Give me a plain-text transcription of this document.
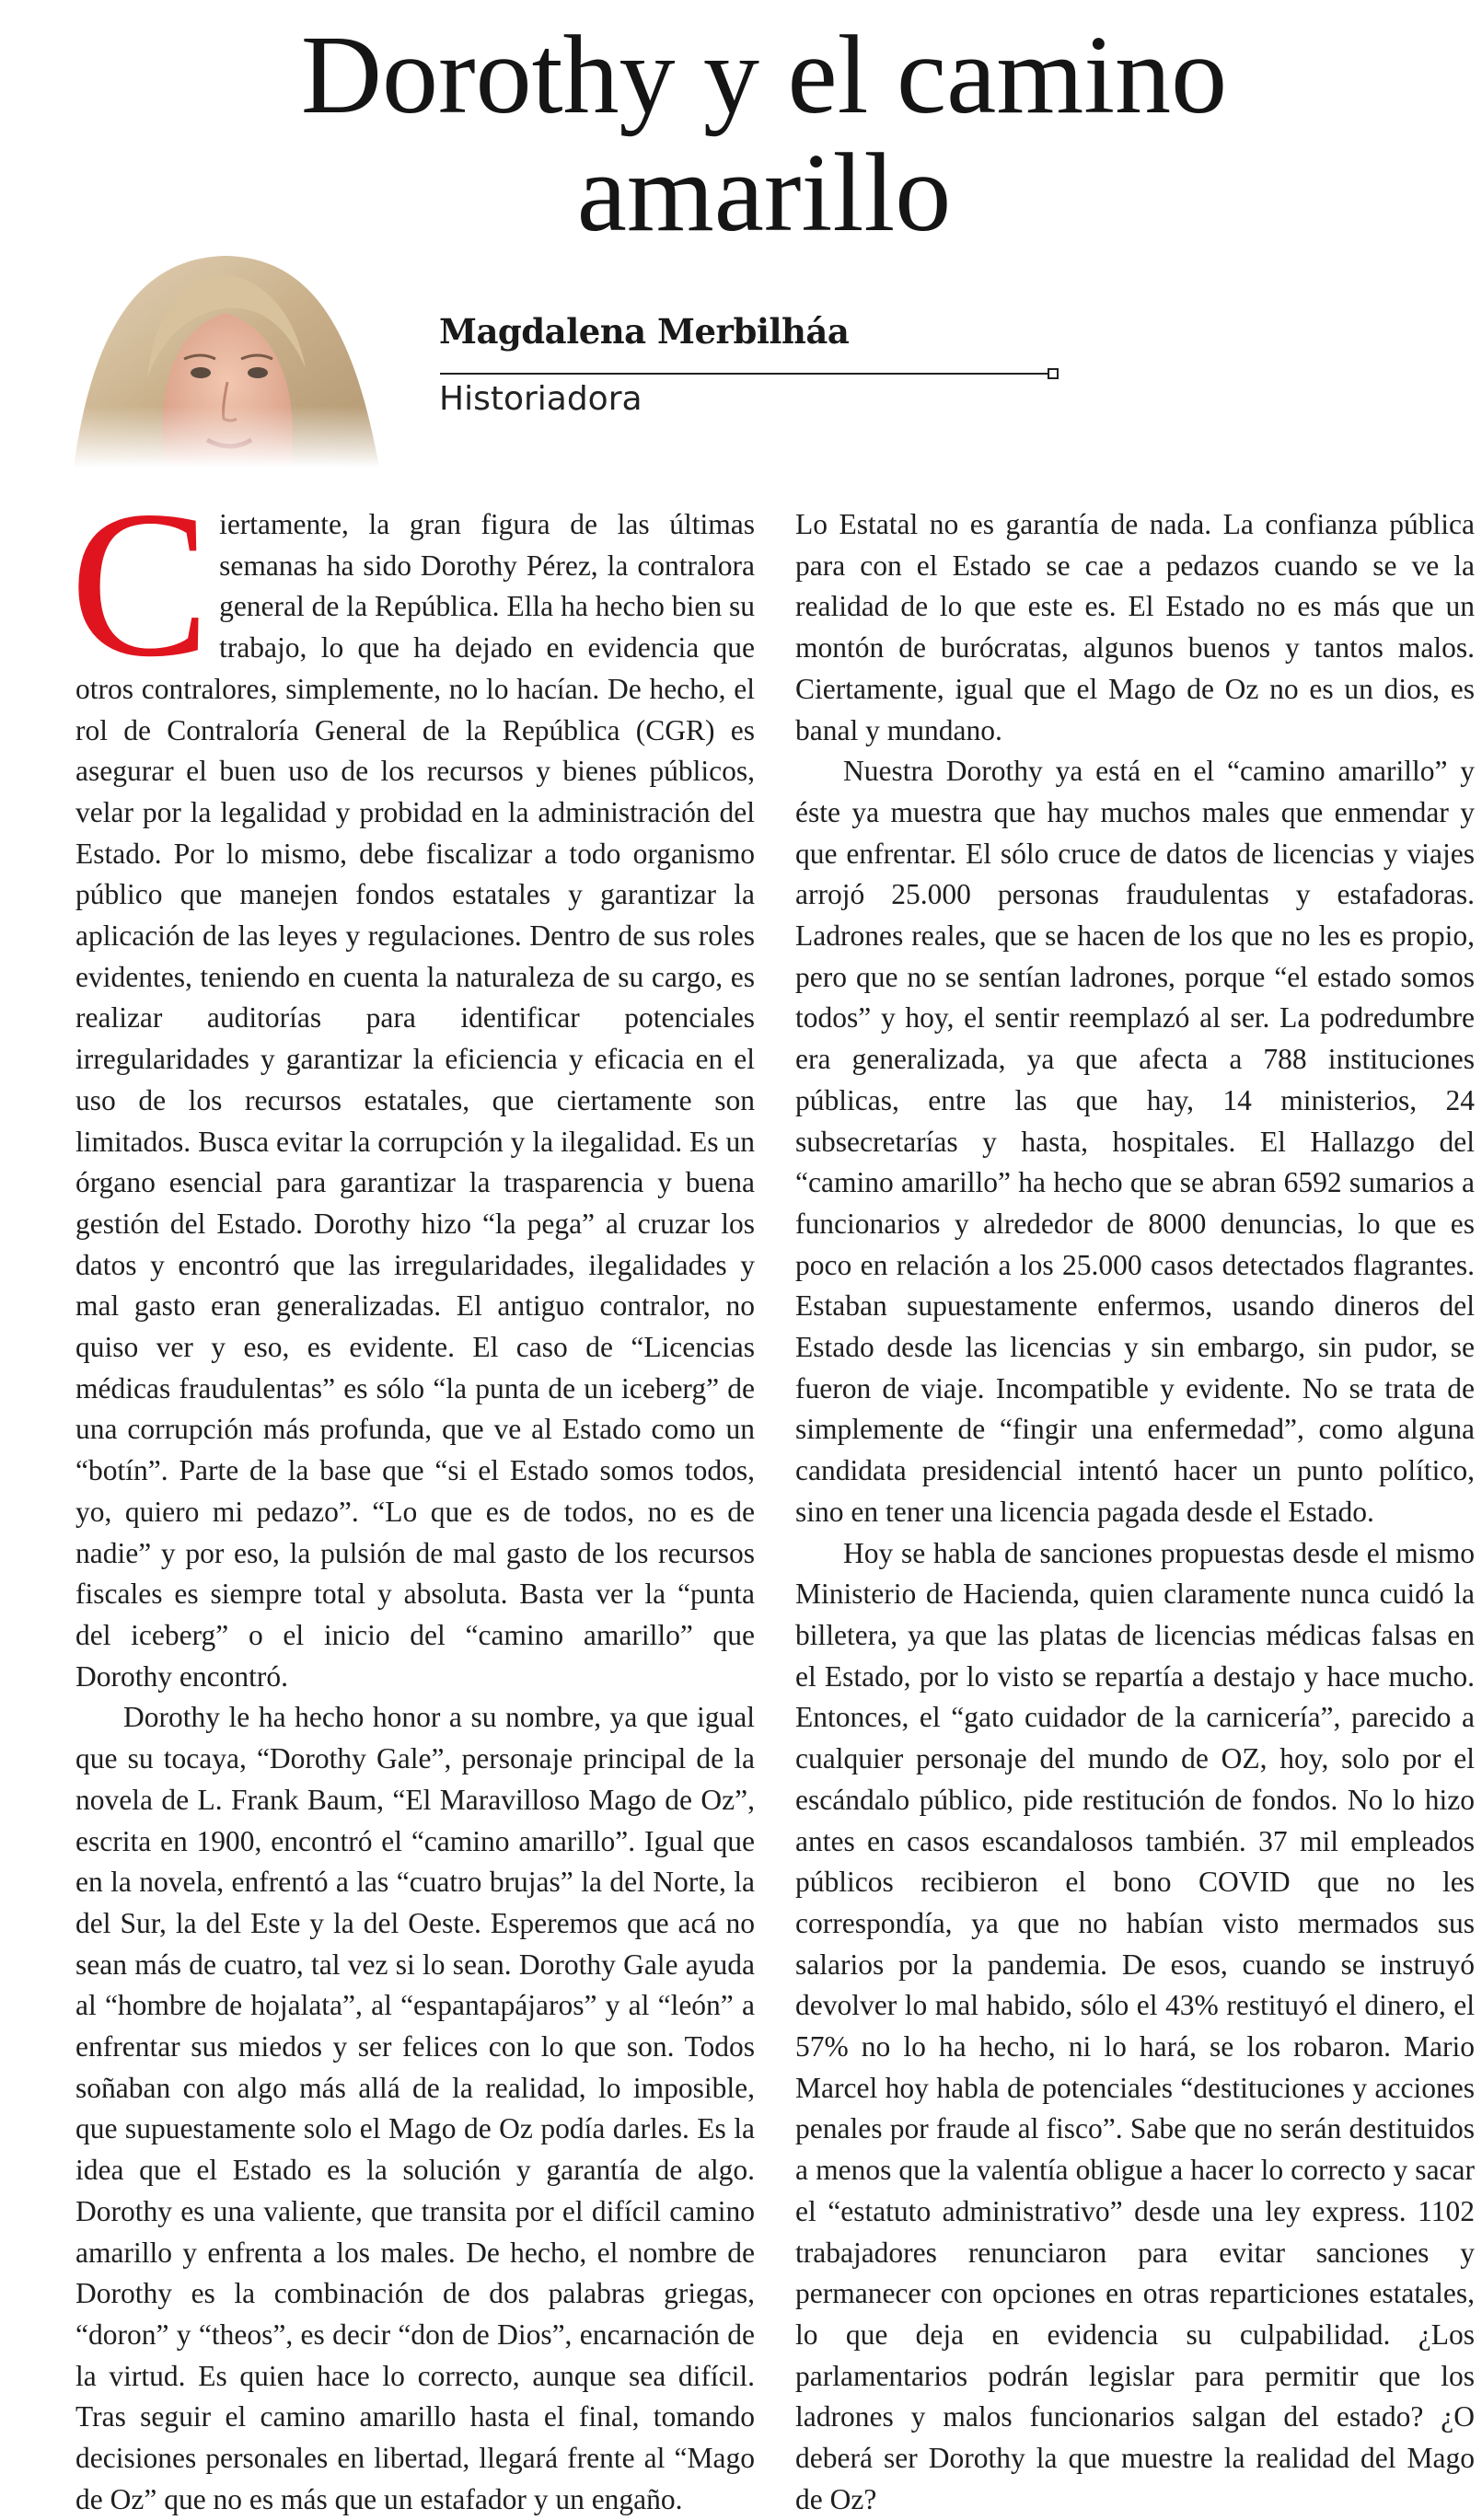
Dorothy y el camino amarillo
Magdalena Merbilháa
Historiadora

Ciertamente, la gran figura de las últimas semanas ha sido Dorothy Pérez, la contralora general de la República. Ella ha hecho bien su trabajo, lo que ha dejado en evidencia que otros contralores, simplemente, no lo hacían. De hecho, el rol de Contraloría General de la República (CGR) es asegurar el buen uso de los recursos y bienes públicos, velar por la legalidad y probidad en la administración del Estado. Por lo mismo, debe fiscalizar a todo organismo público que manejen fondos estatales y garantizar la aplicación de las leyes y regulaciones. Dentro de sus roles evidentes, teniendo en cuenta la naturaleza de su cargo, es realizar auditorías para identificar potenciales irregularidades y garantizar la eficiencia y eficacia en el uso de los recursos estatales, que ciertamente son limitados. Busca evitar la corrupción y la ilegalidad. Es un órgano esencial para garantizar la trasparencia y buena gestión del Estado. Dorothy hizo “la pega” al cruzar los datos y encontró que las irregularidades, ilegalidades y mal gasto eran generalizadas. El antiguo contralor, no quiso ver y eso, es evidente. El caso de “Licencias médicas fraudulentas” es sólo “la punta de un iceberg” de una corrupción más profunda, que ve al Estado como un “botín”. Parte de la base que “si el Estado somos todos, yo, quiero mi pedazo”. “Lo que es de todos, no es de nadie” y por eso, la pulsión de mal gasto de los recursos fiscales es siempre total y absoluta. Basta ver la “punta del iceberg” o el inicio del “camino amarillo” que Dorothy encontró.

Dorothy le ha hecho honor a su nombre, ya que igual que su tocaya, “Dorothy Gale”, personaje principal de la novela de L. Frank Baum, “El Maravilloso Mago de Oz”, escrita en 1900, encontró el “camino amarillo”. Igual que en la novela, enfrentó a las “cuatro brujas” la del Norte, la del Sur, la del Este y la del Oeste. Esperemos que acá no sean más de cuatro, tal vez si lo sean. Dorothy Gale ayuda al “hombre de hojalata”, al “espantapájaros” y al “león” a enfrentar sus miedos y ser felices con lo que son. Todos soñaban con algo más allá de la realidad, lo imposible, que supuestamente solo el Mago de Oz podía darles. Es la idea que el Estado es la solución y garantía de algo. Dorothy es una valiente, que transita por el difícil camino amarillo y enfrenta a los males. De hecho, el nombre de Dorothy es la combinación de dos palabras griegas, “doron” y “theos”, es decir “don de Dios”, encarnación de la virtud. Es quien hace lo correcto, aunque sea difícil. Tras seguir el camino amarillo hasta el final, tomando decisiones personales en libertad, llegará frente al “Mago de Oz” que no es más que un estafador y un engaño.

Lo Estatal no es garantía de nada. La confianza pública para con el Estado se cae a pedazos cuando se ve la realidad de lo que este es. El Estado no es más que un montón de burócratas, algunos buenos y tantos malos. Ciertamente, igual que el Mago de Oz no es un dios, es banal y mundano.

Nuestra Dorothy ya está en el “camino amarillo” y éste ya muestra que hay muchos males que enmendar y que enfrentar. El sólo cruce de datos de licencias y viajes arrojó 25.000 personas fraudulentas y estafadoras. Ladrones reales, que se hacen de los que no les es propio, pero que no se sentían ladrones, porque “el estado somos todos” y hoy, el sentir reemplazó al ser. La podredumbre era generalizada, ya que afecta a 788 instituciones públicas, entre las que hay, 14 ministerios, 24 subsecretarías y hasta, hospitales. El Hallazgo del “camino amarillo” ha hecho que se abran 6592 sumarios a funcionarios y alrededor de 8000 denuncias, lo que es poco en relación a los 25.000 casos detectados flagrantes. Estaban supuestamente enfermos, usando dineros del Estado desde las licencias y sin embargo, sin pudor, se fueron de viaje. Incompatible y evidente. No se trata de simplemente de “fingir una enfermedad”, como alguna candidata presidencial intentó hacer un punto político, sino en tener una licencia pagada desde el Estado.

Hoy se habla de sanciones propuestas desde el mismo Ministerio de Hacienda, quien claramente nunca cuidó la billetera, ya que las platas de licencias médicas falsas en el Estado, por lo visto se repartía a destajo y hace mucho. Entonces, el “gato cuidador de la carnicería”, parecido a cualquier personaje del mundo de OZ, hoy, solo por el escándalo público, pide restitución de fondos. No lo hizo antes en casos escandalosos también. 37 mil empleados públicos recibieron el bono COVID que no les correspondía, ya que no habían visto mermados sus salarios por la pandemia. De esos, cuando se instruyó devolver lo mal habido, sólo el 43% restituyó el dinero, el 57% no lo ha hecho, ni lo hará, se los robaron. Mario Marcel hoy habla de potenciales “destituciones y acciones penales por fraude al fisco”. Sabe que no serán destituidos a menos que la valentía obligue a hacer lo correcto y sacar el “estatuto administrativo” desde una ley express. 1102 trabajadores renunciaron para evitar sanciones y permanecer con opciones en otras reparticiones estatales, lo que deja en evidencia su culpabilidad. ¿Los parlamentarios podrán legislar para permitir que los ladrones y malos funcionarios salgan del estado? ¿O deberá ser Dorothy la que muestre la realidad del Mago de Oz?
